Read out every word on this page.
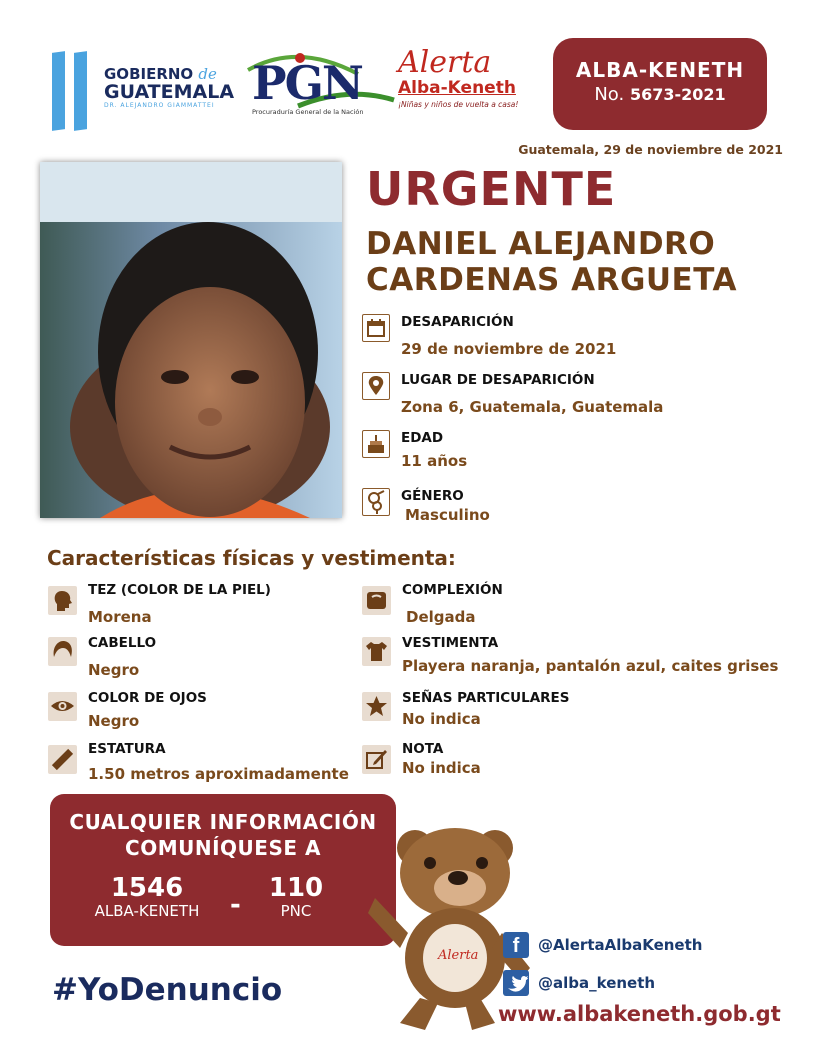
GOBIERNO de
GUATEMALA
DR. ALEJANDRO GIAMMATTEI PGN
Procuraduría General de la Nación
Alerta
Alba-Keneth
¡Niñas y niños de vuelta a casa!
ALBA-KENETH
No. 5673-2021
Guatemala, 29 de noviembre de 2021
URGENTE
DANIEL ALEJANDRO
CARDENAS ARGUETA
DESAPARICIÓN
29 de noviembre de 2021
LUGAR DE DESAPARICIÓN
Zona 6, Guatemala, Guatemala
EDAD
11 años
GÉNERO
Masculino
Características físicas y vestimenta:
TEZ (COLOR DE LA PIEL)
Morena
CABELLO
Negro
COLOR DE OJOS
Negro
ESTATURA
1.50 metros aproximadamente
COMPLEXIÓN
Delgada
VESTIMENTA
Playera naranja, pantalón azul, caites grises
SEÑAS PARTICULARES
No indica
NOTA
No indica
CUALQUIER INFORMACIÓN
COMUNÍQUESE A
1546
ALBA-KENETH	-
110
PNC
Alerta
#YoDenuncio
f	@AlertaAlbaKeneth
@alba_keneth
www.albakeneth.gob.gt
